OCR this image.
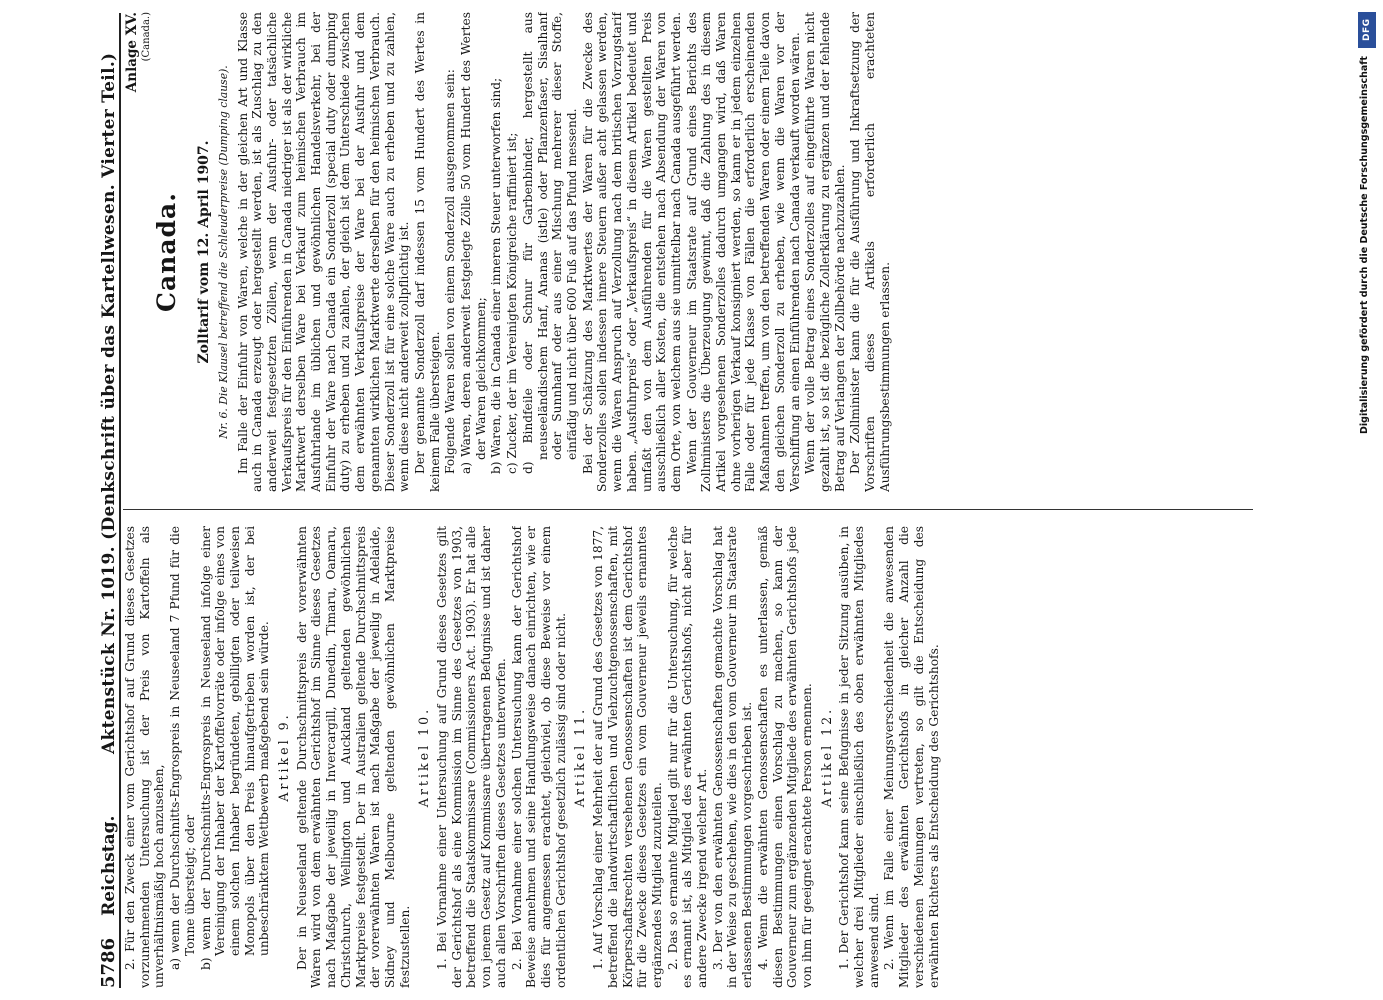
5786
Reichstag.
Aktenstück Nr. 1019. (Denkschrift über das Kartellwesen. Vierter Teil.) 2. Für den Zweck einer vom Gerichtshof auf Grund dieses Gesetzes vorzunehmenden Untersuchung ist der Preis von Kartoffeln als unverhältnismäßig hoch anzusehen, a) wenn der Durchschnitts-Engrospreis in Neuseeland 7 Pfund für die Tonne übersteigt; oder b) wenn der Durchschnitts-Engrospreis in Neuseeland infolge einer Vereinigung der Inhaber der Kartoffelvorräte oder infolge eines von einem solchen Inhaber begründeten, gebilligten oder teilweisen Monopols über den Preis hinaufgetrieben worden ist, der bei unbeschränktem Wettbewerb maßgebend sein würde. Artikel 9. Der in Neuseeland geltende Durchschnittspreis der vorerwähnten Waren wird von dem erwähnten Gerichtshof im Sinne dieses Gesetzes nach Maßgabe der jeweilig in Invercargill, Dunedin, Timaru, Oamaru, Christchurch, Wellington und Auckland geltenden gewöhnlichen Marktpreise festgestellt. Der in Australien geltende Durchschnittspreis der vorerwähnten Waren ist nach Maßgabe der jeweilig in Adelaide, Sidney und Melbourne geltenden gewöhnlichen Marktpreise festzustellen.

Artikel 10. 1. Bei Vornahme einer Untersuchung auf Grund dieses Gesetzes gilt der Gerichtshof als eine Kommission im Sinne des Gesetzes von 1903, betreffend die Staatskommissare (Commissioners Act. 1903). Er hat alle von jenem Gesetz auf Kommissare übertragenen Befugnisse und ist daher auch allen Vorschriften dieses Gesetzes unterworfen. 2. Bei Vornahme einer solchen Untersuchung kann der Gerichtshof Beweise annehmen und seine Handlungsweise danach einrichten, wie er dies für angemessen erachtet, gleichviel, ob diese Beweise vor einem ordentlichen Gerichtshof gesetzlich zulässig sind oder nicht. Artikel 11. 1. Auf Vorschlag einer Mehrheit der auf Grund des Gesetzes von 1877, betreffend die landwirtschaftlichen und Viehzuchtgenossenschaften, mit Körperschaftsrechten versehenen Genossenschaften ist dem Gerichtshof für die Zwecke dieses Gesetzes ein vom Gouverneur jeweils ernanntes ergänzendes Mitglied zuzuteilen. 2. Das so ernannte Mitglied gilt nur für die Untersuchung, für welche es ernannt ist, als Mitglied des erwähnten Gerichtshofs, nicht aber für andere Zwecke irgend welcher Art. 3. Der von den erwähnten Genossenschaften gemachte Vorschlag hat in der Weise zu geschehen, wie dies in den vom Gouverneur im Staatsrate erlassenen Bestimmungen vorgeschrieben ist. 4. Wenn die erwähnten Genossenschaften es unterlassen, gemäß diesen Bestimmungen einen Vorschlag zu machen, so kann der Gouverneur zum ergänzenden Mitgliede des erwähnten Gerichtshofs jede von ihm für geeignet erachtete Person ernennen. Artikel 12. 1. Der Gerichtshof kann seine Befugnisse in jeder Sitzung ausüben, in welcher drei Mitglieder einschließlich des oben erwähnten Mitgliedes anwesend sind. 2. Wenn im Falle einer Meinungsverschiedenheit die anwesenden Mitglieder des erwähnten Gerichtshofs in gleicher Anzahl die verschiedenen Meinungen vertreten, so gilt die Entscheidung des erwähnten Richters als Entscheidung des Gerichtshofs.

Anlage XV. (Canada.)

Canada. Zolltarif vom 12. April 1907. Nr. 6. Die Klausel betreffend die Schleuderpreise (Dumping clause). Im Falle der Einfuhr von Waren, welche in der gleichen Art und Klasse auch in Canada erzeugt oder hergestellt werden, ist als Zuschlag zu den anderweit festgesetzten Zöllen, wenn der Ausfuhr- oder tatsächliche Verkaufspreis für den Einführenden in Canada niedriger ist als der wirkliche Marktwert derselben Ware bei Verkauf zum heimischen Verbrauch im Ausfuhrlande im üblichen und gewöhnlichen Handelsverkehr, bei der Einfuhr der Ware nach Canada ein Sonderzoll (special duty oder dumping duty) zu erheben und zu zahlen, der gleich ist dem Unterschiede zwischen dem erwähnten Verkaufspreise der Ware bei der Ausfuhr und dem genannten wirklichen Marktwerte derselben für den heimischen Verbrauch. Dieser Sonderzoll ist für eine solche Ware auch zu erheben und zu zahlen, wenn diese nicht anderweit zollpflichtig ist. Der genannte Sonderzoll darf indessen 15 vom Hundert des Wertes in keinem Falle übersteigen. Folgende Waren sollen von einem Sonderzoll ausgenommen sein: a) Waren, deren anderweit festgelegte Zölle 50 vom Hundert des Wertes der Waren gleichkommen; b) Waren, die in Canada einer inneren Steuer unterworfen sind; c) Zucker, der im Vereinigten Königreiche raffiniert ist; d) Bindfeile oder Schnur für Garbenbinder, hergestellt aus neuseeländischem Hanf, Ananas (istle) oder Pflanzenfaser, Sisalhanf oder Sunnhanf oder aus einer Mischung mehrerer dieser Stoffe, einfädig und nicht über 600 Fuß auf das Pfund messend. Bei der Schätzung des Marktwertes der Waren für die Zwecke des Sonderzolles sollen indessen innere Steuern außer acht gelassen werden, wenn die Waren Anspruch auf Verzollung nach dem britischen Vorzugstarif haben. „Ausfuhrpreis“ oder „Verkaufspreis“ in diesem Artikel bedeutet und umfaßt den von dem Ausführenden für die Waren gestellten Preis ausschließlich aller Kosten, die entstehen nach Absendung der Waren von dem Orte, von welchem aus sie unmittelbar nach Canada ausgeführt werden. Wenn der Gouverneur im Staatsrate auf Grund eines Berichts des Zollministers die Überzeugung gewinnt, daß die Zahlung des in diesem Artikel vorgesehenen Sonderzolles dadurch umgangen wird, daß Waren ohne vorherigen Verkauf konsigniert werden, so kann er in jedem einzelnen Falle oder für jede Klasse von Fällen die erforderlich erscheinenden Maßnahmen treffen, um von den betreffenden Waren oder einem Teile davon den gleichen Sonderzoll zu erheben, wie wenn die Waren vor der Verschiffung an einen Einführenden nach Canada verkauft worden wären. Wenn der volle Betrag eines Sonderzolles auf eingeführte Waren nicht gezahlt ist, so ist die bezügliche Zollerklärung zu ergänzen und der fehlende Betrag auf Verlangen der Zollbehörde nachzuzahlen. Der Zollminister kann die für die Ausführung und Inkraftsetzung der Vorschriften dieses Artikels erforderlich erachteten Ausführungsbestimmungen erlassen.

DFG
Digitalisierung gefördert durch die Deutsche Forschungsgemeinschaft
